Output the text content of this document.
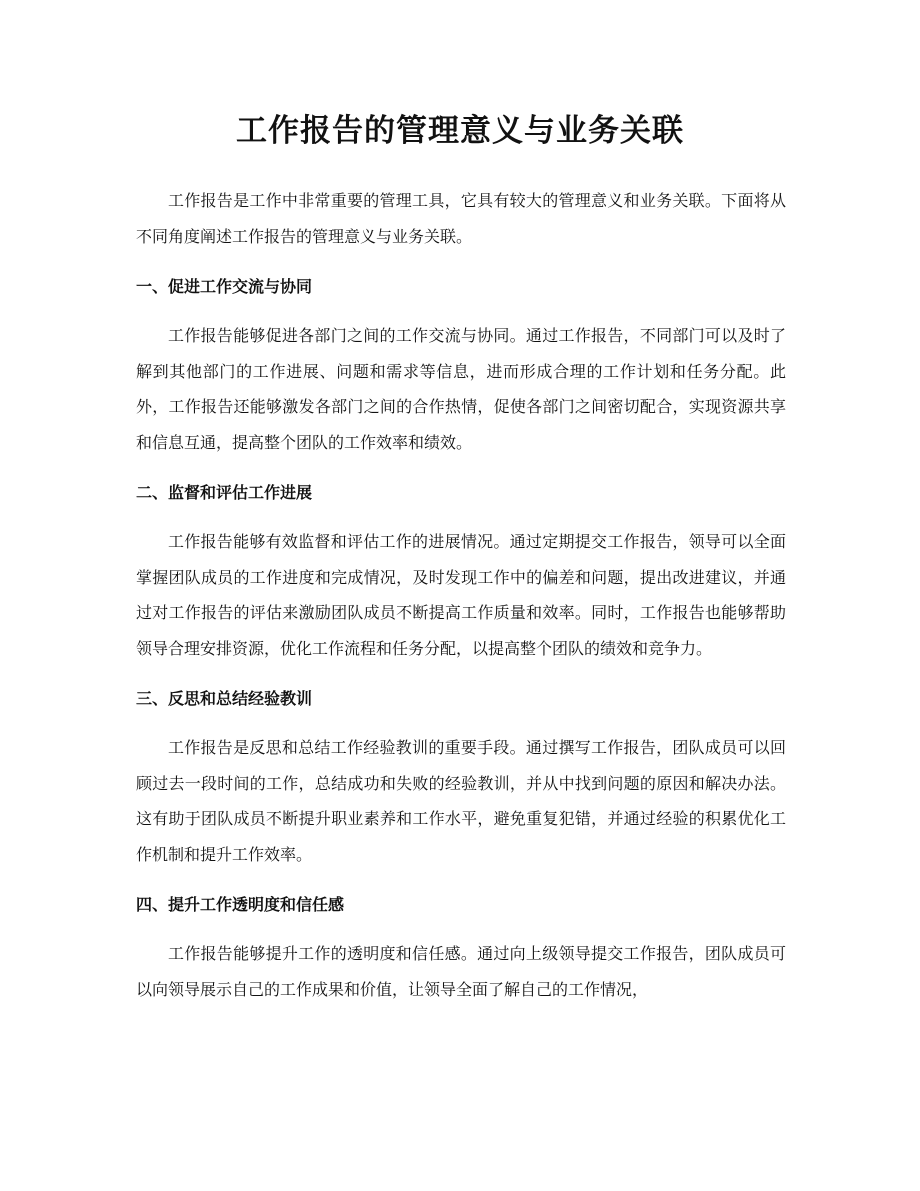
工作报告的管理意义与业务关联

工作报告是工作中非常重要的管理工具，它具有较大的管理意义和业务关联。下面将从不同角度阐述工作报告的管理意义与业务关联。

一、促进工作交流与协同

工作报告能够促进各部门之间的工作交流与协同。通过工作报告，不同部门可以及时了解到其他部门的工作进展、问题和需求等信息，进而形成合理的工作计划和任务分配。此外，工作报告还能够激发各部门之间的合作热情，促使各部门之间密切配合，实现资源共享和信息互通，提高整个团队的工作效率和绩效。

二、监督和评估工作进展

工作报告能够有效监督和评估工作的进展情况。通过定期提交工作报告，领导可以全面掌握团队成员的工作进度和完成情况，及时发现工作中的偏差和问题，提出改进建议，并通过对工作报告的评估来激励团队成员不断提高工作质量和效率。同时，工作报告也能够帮助领导合理安排资源，优化工作流程和任务分配，以提高整个团队的绩效和竞争力。

三、反思和总结经验教训

工作报告是反思和总结工作经验教训的重要手段。通过撰写工作报告，团队成员可以回顾过去一段时间的工作，总结成功和失败的经验教训，并从中找到问题的原因和解决办法。这有助于团队成员不断提升职业素养和工作水平，避免重复犯错，并通过经验的积累优化工作机制和提升工作效率。

四、提升工作透明度和信任感

工作报告能够提升工作的透明度和信任感。通过向上级领导提交工作报告，团队成员可以向领导展示自己的工作成果和价值，让领导全面了解自己的工作情况，
